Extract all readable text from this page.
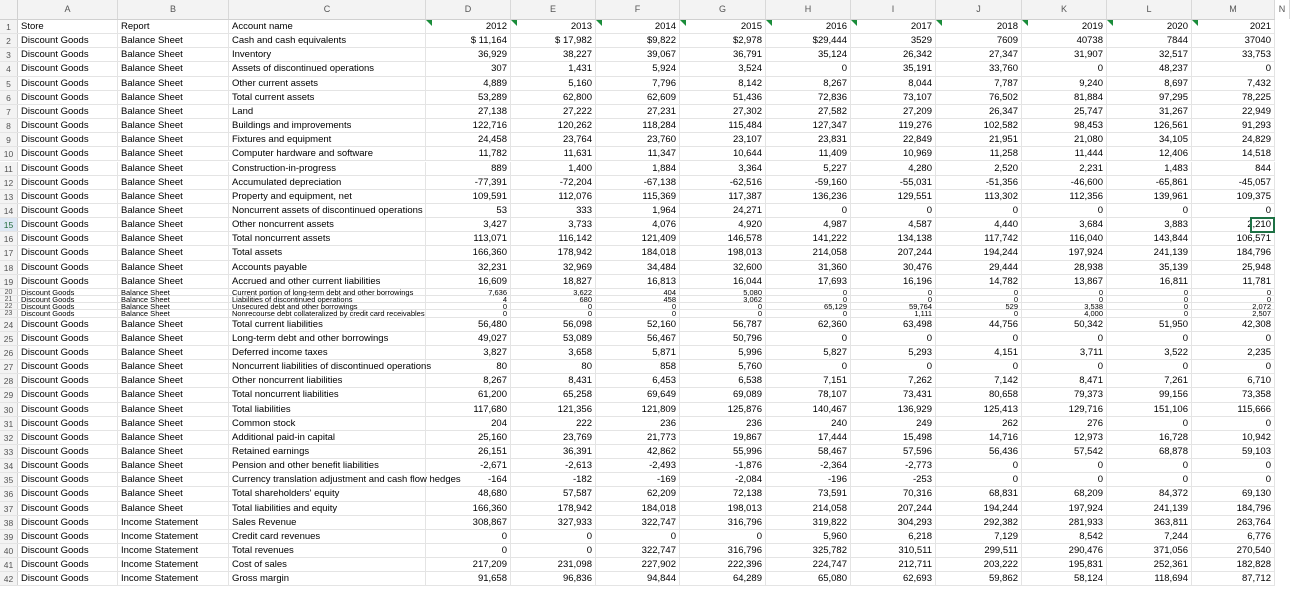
A	B	C	D	E	F	G	H	I	J	K	L	M	N
1	Store	Report	Account name	2012	2013	2014	2015	2016	2017	2018	2019	2020	2021
2	Discount Goods	Balance Sheet	Cash and cash equivalents	$ 11,164	$ 17,982	$9,822	$2,978	$29,444	3529	7609	40738	7844	37040
3	Discount Goods	Balance Sheet	Inventory	36,929	38,227	39,067	36,791	35,124	26,342	27,347	31,907	32,517	33,753
4	Discount Goods	Balance Sheet	Assets of discontinued operations	307	1,431	5,924	3,524	0	35,191	33,760	0	48,237	0
5	Discount Goods	Balance Sheet	Other current assets	4,889	5,160	7,796	8,142	8,267	8,044	7,787	9,240	8,697	7,432
6	Discount Goods	Balance Sheet	Total current assets	53,289	62,800	62,609	51,436	72,836	73,107	76,502	81,884	97,295	78,225
7	Discount Goods	Balance Sheet	Land	27,138	27,222	27,231	27,302	27,582	27,209	26,347	25,747	31,267	22,949
8	Discount Goods	Balance Sheet	Buildings and improvements	122,716	120,262	118,284	115,484	127,347	119,276	102,582	98,453	126,561	91,293
9	Discount Goods	Balance Sheet	Fixtures and equipment	24,458	23,764	23,760	23,107	23,831	22,849	21,951	21,080	34,105	24,829
10 Discount Goods	Balance Sheet	Computer hardware and software	11,782	11,631	11,347	10,644	11,409	10,969	11,258	11,444	12,406	14,518
11 Discount Goods	Balance Sheet	Construction-in-progress	889	1,400	1,884	3,364	5,227	4,280	2,520	2,231	1,483	844
12 Discount Goods	Balance Sheet	Accumulated depreciation	-77,391	-72,204	-67,138	-62,516	-59,160	-55,031	-51,356	-46,600	-65,861	-45,057
13 Discount Goods	Balance Sheet	Property and equipment, net	109,591	112,076	115,369	117,387	136,236	129,551	113,302	112,356	139,961	109,375
14 Discount Goods	Balance Sheet	Noncurrent assets of discontinued operations	53	333	1,964	24,271	0	0	0	0	0	0
15 Discount Goods	Balance Sheet	Other noncurrent assets	3,427	3,733	4,076	4,920	4,987	4,587	4,440	3,684	3,883	2,210
16 Discount Goods	Balance Sheet	Total noncurrent assets	113,071	116,142	121,409	146,578	141,222	134,138	117,742	116,040	143,844	106,571
17 Discount Goods	Balance Sheet	Total assets	166,360	178,942	184,018	198,013	214,058	207,244	194,244	197,924	241,139	184,796
18 Discount Goods	Balance Sheet	Accounts payable	32,231	32,969	34,484	32,600	31,360	30,476	29,444	28,938	35,139	25,948
19 Discount Goods	Balance Sheet	Accrued and other current liabilities	16,609	18,827	16,813	16,044	17,693	16,196	14,782	13,867	16,811	11,781
20	Discount Goods	Balance Sheet	Current portion of long-term debt and other borrowings	7,636	3,622	404	5,080	0	0	0	0	0	0
21	Discount Goods	Balance Sheet	Liabilities of discontinued operations	4	680	458	3,062	0	0	0	0	0	0
22	Discount Goods	Balance Sheet	Unsecured debt and other borrowings	0	0	0	0	65,129	59,764	529	3,538	0	2,072
23	Discount Goods	Balance Sheet	Nonrecourse debt collateralized by credit card receivables	0	0	0	0	0	1,111	0	4,000	0	2,507
24 Discount Goods	Balance Sheet	Total current liabilities	56,480	56,098	52,160	56,787	62,360	63,498	44,756	50,342	51,950	42,308
25 Discount Goods	Balance Sheet	Long-term debt and other borrowings	49,027	53,089	56,467	50,796	0	0	0	0	0	0
26 Discount Goods	Balance Sheet	Deferred income taxes	3,827	3,658	5,871	5,996	5,827	5,293	4,151	3,711	3,522	2,235
27 Discount Goods	Balance Sheet	Noncurrent liabilities of discontinued operations	80	80	858	5,760	0	0	0	0	0	0
28 Discount Goods	Balance Sheet	Other noncurrent liabilities	8,267	8,431	6,453	6,538	7,151	7,262	7,142	8,471	7,261	6,710
29 Discount Goods	Balance Sheet	Total noncurrent liabilities	61,200	65,258	69,649	69,089	78,107	73,431	80,658	79,373	99,156	73,358
30 Discount Goods	Balance Sheet	Total liabilities	117,680	121,356	121,809	125,876	140,467	136,929	125,413	129,716	151,106	115,666
31 Discount Goods	Balance Sheet	Common stock	204	222	236	236	240	249	262	276	0	0
32 Discount Goods	Balance Sheet	Additional paid-in capital	25,160	23,769	21,773	19,867	17,444	15,498	14,716	12,973	16,728	10,942
33 Discount Goods	Balance Sheet	Retained earnings	26,151	36,391	42,862	55,996	58,467	57,596	56,436	57,542	68,878	59,103
34 Discount Goods	Balance Sheet	Pension and other benefit liabilities	-2,671	-2,613	-2,493	-1,876	-2,364	-2,773	0	0	0	0
35 Discount Goods	Balance Sheet	Currency translation adjustment and cash flow hedges	-164	-182	-169	-2,084	-196	-253	0	0	0	0
36 Discount Goods	Balance Sheet	Total shareholders' equity	48,680	57,587	62,209	72,138	73,591	70,316	68,831	68,209	84,372	69,130
37 Discount Goods	Balance Sheet	Total liabilities and equity	166,360	178,942	184,018	198,013	214,058	207,244	194,244	197,924	241,139	184,796
38 Discount Goods	Income Statement	Sales Revenue	308,867	327,933	322,747	316,796	319,822	304,293	292,382	281,933	363,811	263,764
39 Discount Goods	Income Statement	Credit card revenues	0	0	0	0	5,960	6,218	7,129	8,542	7,244	6,776
40 Discount Goods	Income Statement	Total revenues	0	0	322,747	316,796	325,782	310,511	299,511	290,476	371,056	270,540
41 Discount Goods	Income Statement	Cost of sales	217,209	231,098	227,902	222,396	224,747	212,711	203,222	195,831	252,361	182,828
42 Discount Goods	Income Statement	Gross margin	91,658	96,836	94,844	64,289	65,080	62,693	59,862	58,124	118,694	87,712
